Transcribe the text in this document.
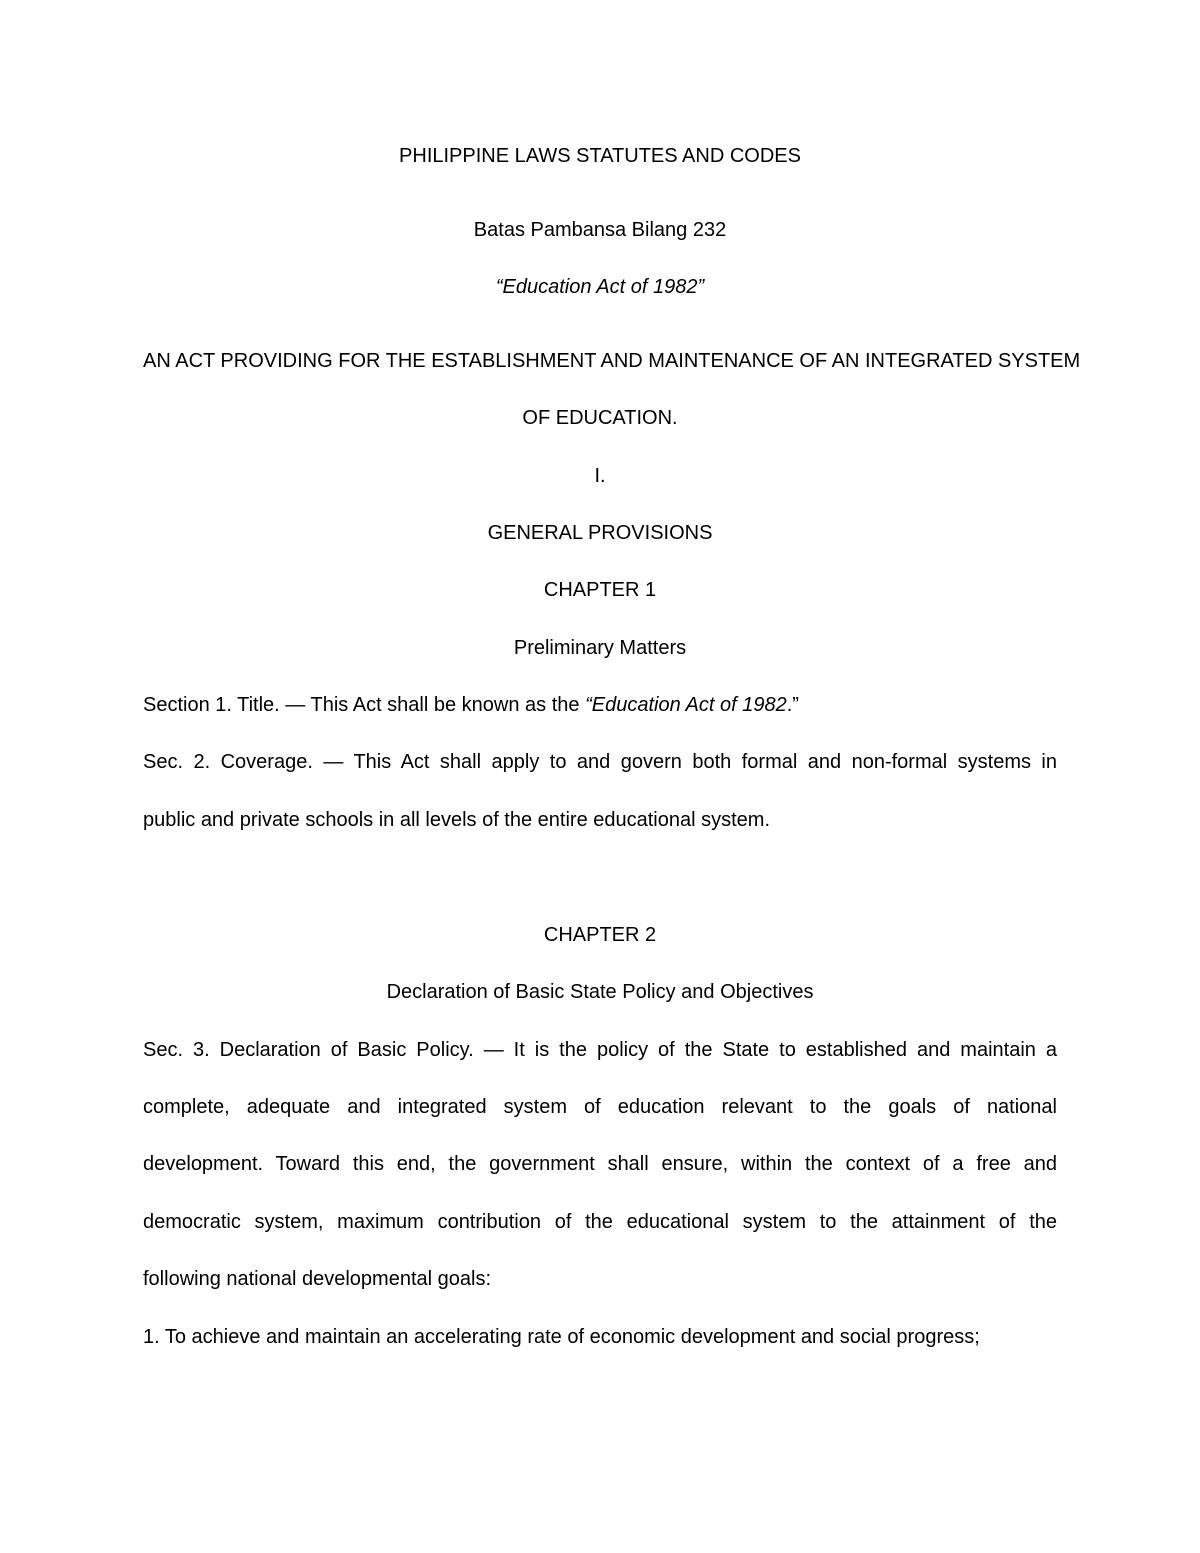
PHILIPPINE LAWS STATUTES AND CODES
Batas Pambansa Bilang 232
“Education Act of 1982”
AN ACT PROVIDING FOR THE ESTABLISHMENT AND MAINTENANCE OF AN INTEGRATED SYSTEM
OF EDUCATION.
I.
GENERAL PROVISIONS
CHAPTER 1
Preliminary Matters
Section 1. Title. — This Act shall be known as the “Education Act of 1982.”
Sec. 2. Coverage. — This Act shall apply to and govern both formal and non-formal systems in
public and private schools in all levels of the entire educational system.
CHAPTER 2
Declaration of Basic State Policy and Objectives
Sec. 3. Declaration of Basic Policy. — It is the policy of the State to established and maintain a
complete, adequate and integrated system of education relevant to the goals of national
development. Toward this end, the government shall ensure, within the context of a free and
democratic system, maximum contribution of the educational system to the attainment of the
following national developmental goals:
1. To achieve and maintain an accelerating rate of economic development and social progress;
